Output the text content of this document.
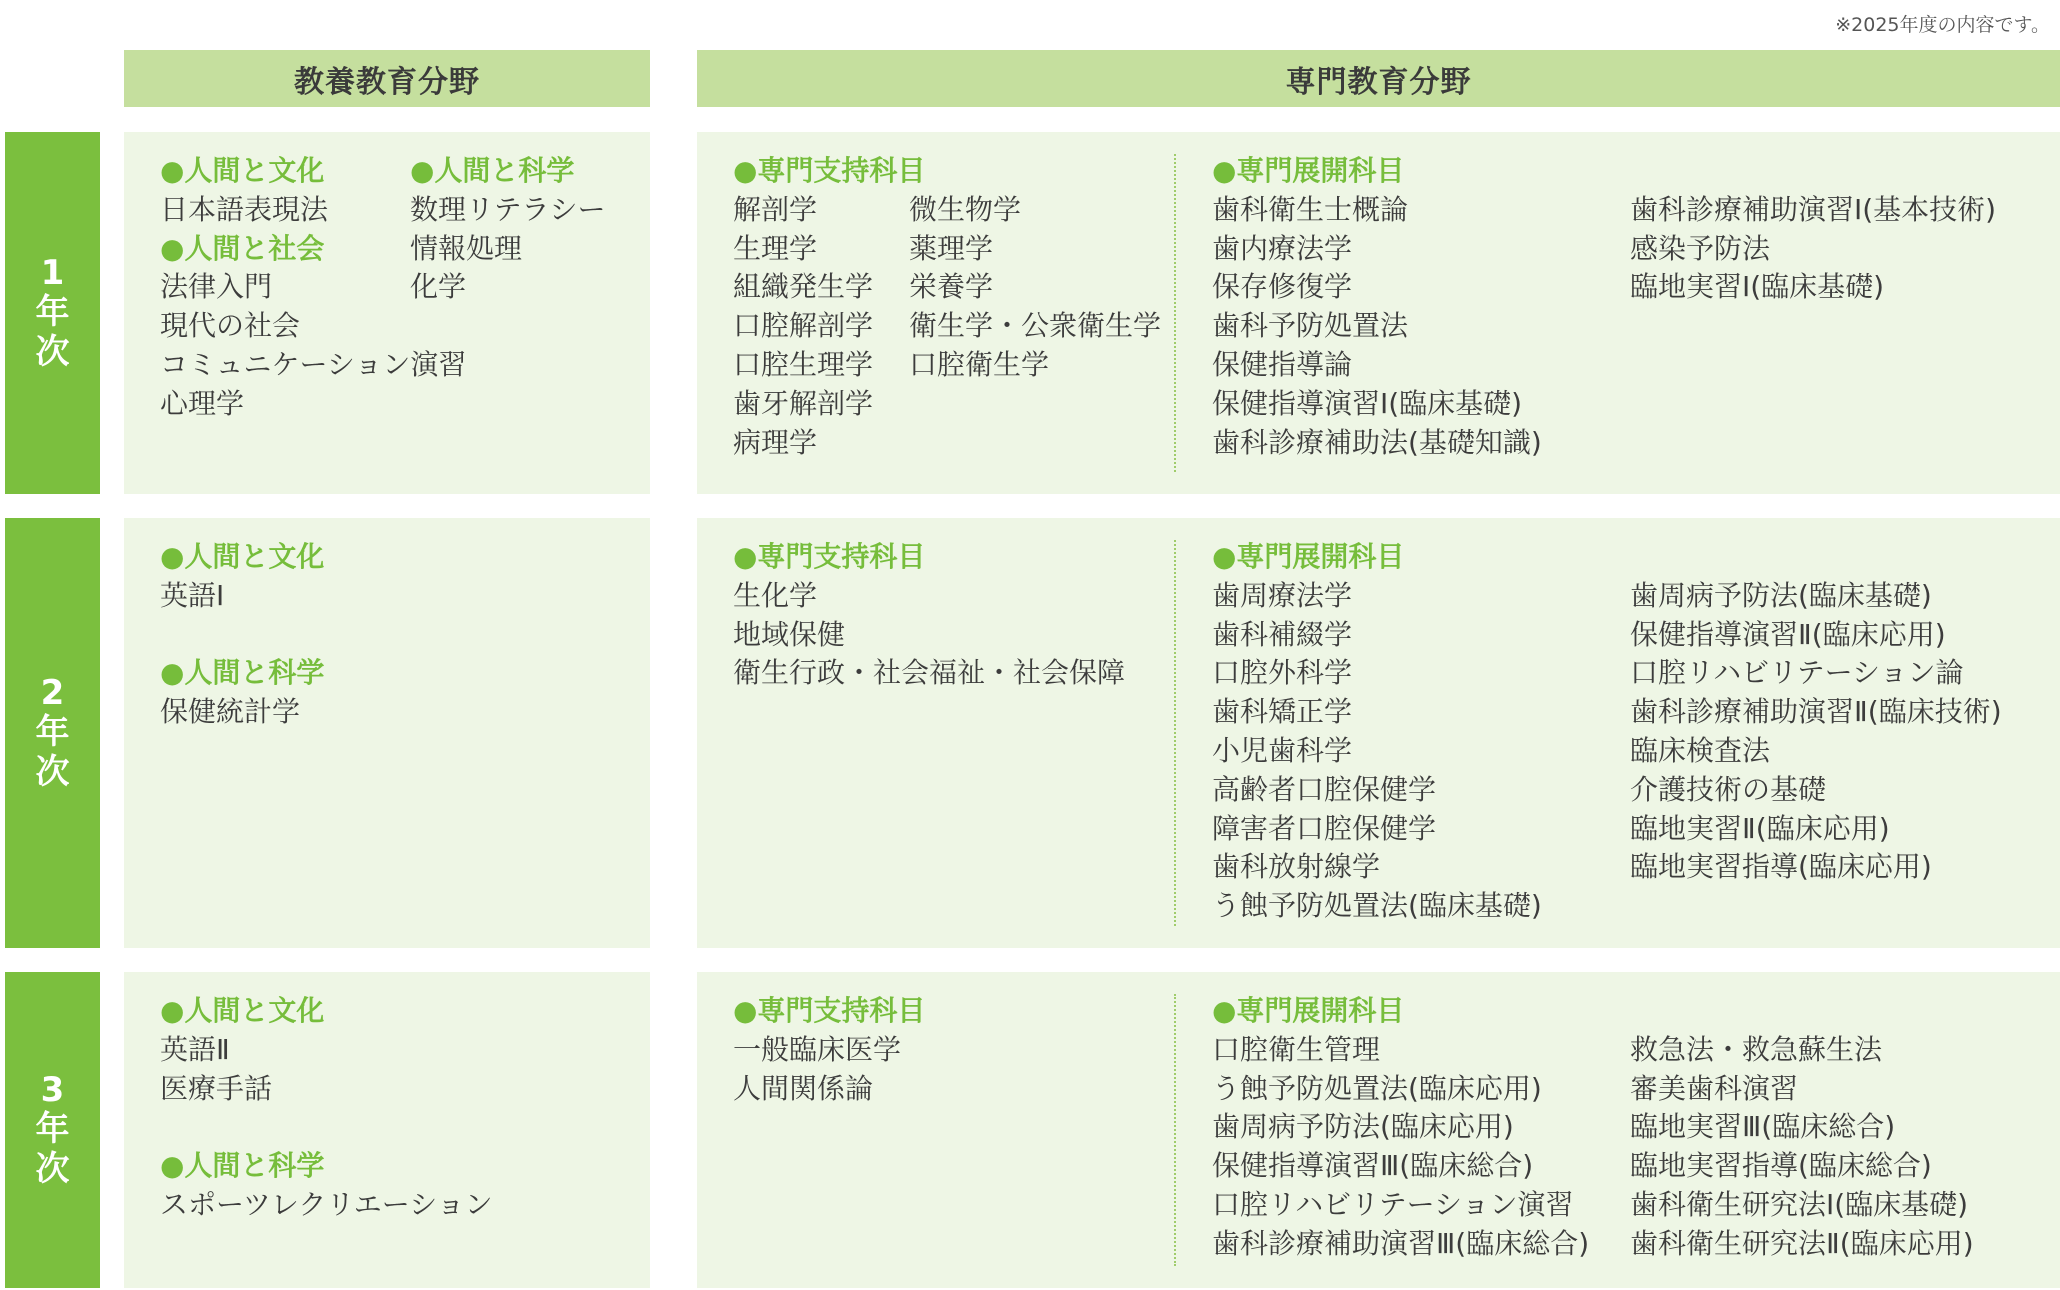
※2025年度の内容です。
教養教育分野	専門教育分野
1
年
次
2
年
次
3
年
次
●人間と文化
日本語表現法
●人間と社会
法律入門
現代の社会
コミュニケーション演習
心理学
●人間と科学
数理リテラシー
情報処理
化学
●専門支持科目
解剖学
生理学
組織発生学
口腔解剖学
口腔生理学
歯牙解剖学
病理学
微生物学
薬理学
栄養学
衛生学・公衆衛生学
口腔衛生学
●専門展開科目
歯科衛生士概論
歯内療法学
保存修復学
歯科予防処置法
保健指導論
保健指導演習Ⅰ(臨床基礎)
歯科診療補助法(基礎知識)
歯科診療補助演習Ⅰ(基本技術)
感染予防法
臨地実習Ⅰ(臨床基礎)
●人間と文化
英語Ⅰ
●人間と科学
保健統計学
●専門支持科目
生化学
地域保健
衛生行政・社会福祉・社会保障
●専門展開科目
歯周療法学
歯科補綴学
口腔外科学
歯科矯正学
小児歯科学
高齢者口腔保健学
障害者口腔保健学
歯科放射線学
う蝕予防処置法(臨床基礎)
歯周病予防法(臨床基礎)
保健指導演習Ⅱ(臨床応用)
口腔リハビリテーション論
歯科診療補助演習Ⅱ(臨床技術)
臨床検査法
介護技術の基礎
臨地実習Ⅱ(臨床応用)
臨地実習指導(臨床応用)
●人間と文化
英語Ⅱ
医療手話
●人間と科学
スポーツレクリエーション
●専門支持科目
一般臨床医学
人間関係論
●専門展開科目
口腔衛生管理
う蝕予防処置法(臨床応用)
歯周病予防法(臨床応用)
保健指導演習Ⅲ(臨床総合)
口腔リハビリテーション演習
歯科診療補助演習Ⅲ(臨床総合)
救急法・救急蘇生法
審美歯科演習
臨地実習Ⅲ(臨床総合)
臨地実習指導(臨床総合)
歯科衛生研究法Ⅰ(臨床基礎)
歯科衛生研究法Ⅱ(臨床応用)
